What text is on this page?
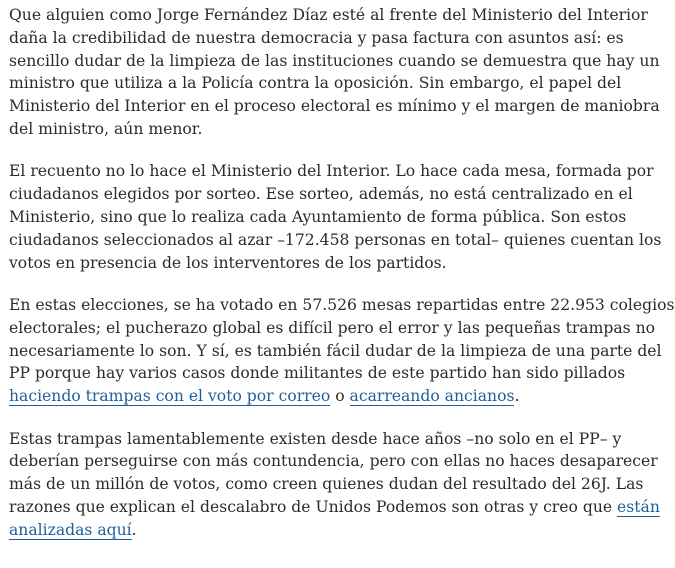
Que alguien como Jorge Fernández Díaz esté al frente del Ministerio del Interior
daña la credibilidad de nuestra democracia y pasa factura con asuntos así: es
sencillo dudar de la limpieza de las instituciones cuando se demuestra que hay un
ministro que utiliza a la Policía contra la oposición. Sin embargo, el papel del
Ministerio del Interior en el proceso electoral es mínimo y el margen de maniobra
del ministro, aún menor.

El recuento no lo hace el Ministerio del Interior. Lo hace cada mesa, formada por
ciudadanos elegidos por sorteo. Ese sorteo, además, no está centralizado en el
Ministerio, sino que lo realiza cada Ayuntamiento de forma pública. Son estos
ciudadanos seleccionados al azar –172.458 personas en total– quienes cuentan los
votos en presencia de los interventores de los partidos.

En estas elecciones, se ha votado en 57.526 mesas repartidas entre 22.953 colegios
electorales; el pucherazo global es difícil pero el error y las pequeñas trampas no
necesariamente lo son. Y sí, es también fácil dudar de la limpieza de una parte del
PP porque hay varios casos donde militantes de este partido han sido pillados
haciendo trampas con el voto por correo o acarreando ancianos.

Estas trampas lamentablemente existen desde hace años –no solo en el PP– y
deberían perseguirse con más contundencia, pero con ellas no haces desaparecer
más de un millón de votos, como creen quienes dudan del resultado del 26J. Las
razones que explican el descalabro de Unidos Podemos son otras y creo que están
analizadas aquí.
